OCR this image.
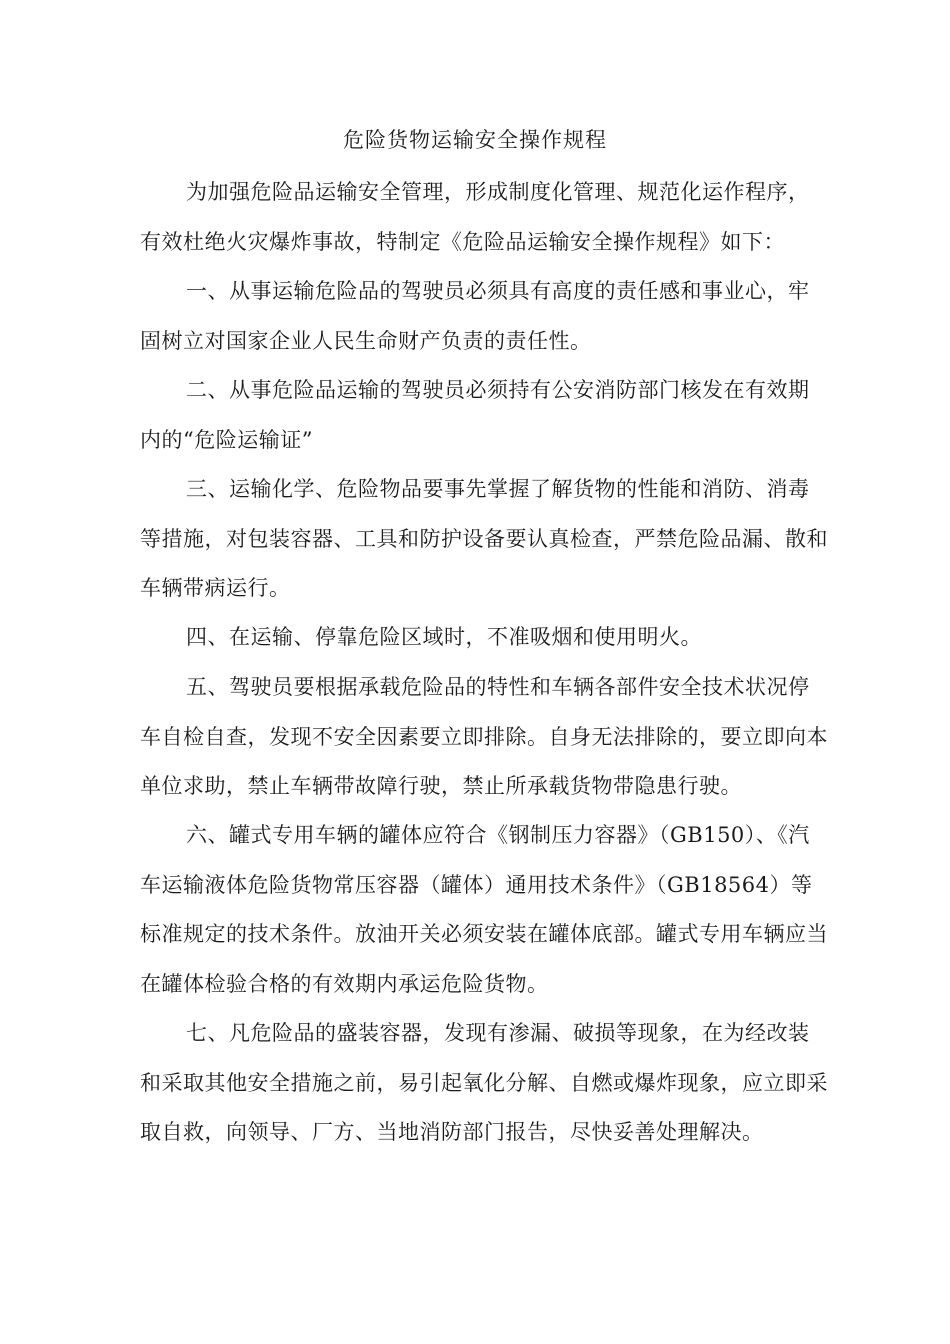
危险货物运输安全操作规程

为加强危险品运输安全管理，形成制度化管理、规范化运作程序，有效杜绝火灾爆炸事故，特制定《危险品运输安全操作规程》如下：

一、从事运输危险品的驾驶员必须具有高度的责任感和事业心，牢固树立对国家企业人民生命财产负责的责任性。

二、从事危险品运输的驾驶员必须持有公安消防部门核发在有效期内的“危险运输证”

三、运输化学、危险物品要事先掌握了解货物的性能和消防、消毒等措施，对包装容器、工具和防护设备要认真检查，严禁危险品漏、散和车辆带病运行。

四、在运输、停靠危险区域时，不准吸烟和使用明火。

五、驾驶员要根据承载危险品的特性和车辆各部件安全技术状况停车自检自查，发现不安全因素要立即排除。自身无法排除的，要立即向本单位求助，禁止车辆带故障行驶，禁止所承载货物带隐患行驶。

六、罐式专用车辆的罐体应符合《钢制压力容器》（GB150）、《汽车运输液体危险货物常压容器（罐体）通用技术条件》（GB18564）等标准规定的技术条件。放油开关必须安装在罐体底部。罐式专用车辆应当在罐体检验合格的有效期内承运危险货物。

七、凡危险品的盛装容器，发现有渗漏、破损等现象，在为经改装和采取其他安全措施之前，易引起氧化分解、自燃或爆炸现象，应立即采取自救，向领导、厂方、当地消防部门报告，尽快妥善处理解决。
